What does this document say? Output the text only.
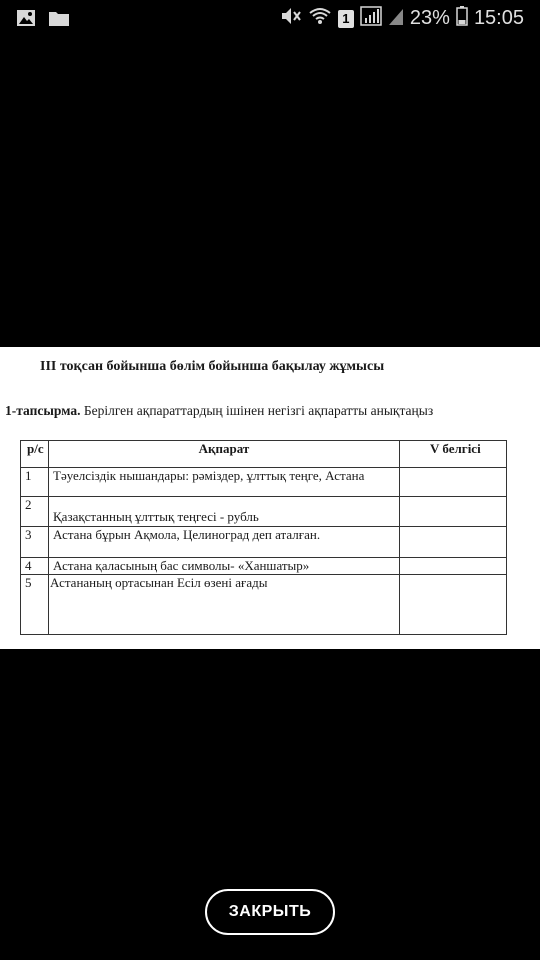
1	23% 15:05
ІІІ тоқсан бойынша бөлім бойынша бақылау жұмысы
1-тапсырма. Берілген ақпараттардың ішінен негізгі ақпаратты анықтаңыз
р/с	Ақпарат	V белгісі
1	Тәуелсіздік нышандары: рәміздер, ұлттық теңге, Астана	
2	Қазақстанның ұлттық теңгесі - рубль	
3	Астана бұрын Ақмола, Целиноград деп аталған.	
4	Астана қаласының бас символы- «Ханшатыр»	
5	Астананың ортасынан Есіл өзені ағады	
ЗАКРЫТЬ
